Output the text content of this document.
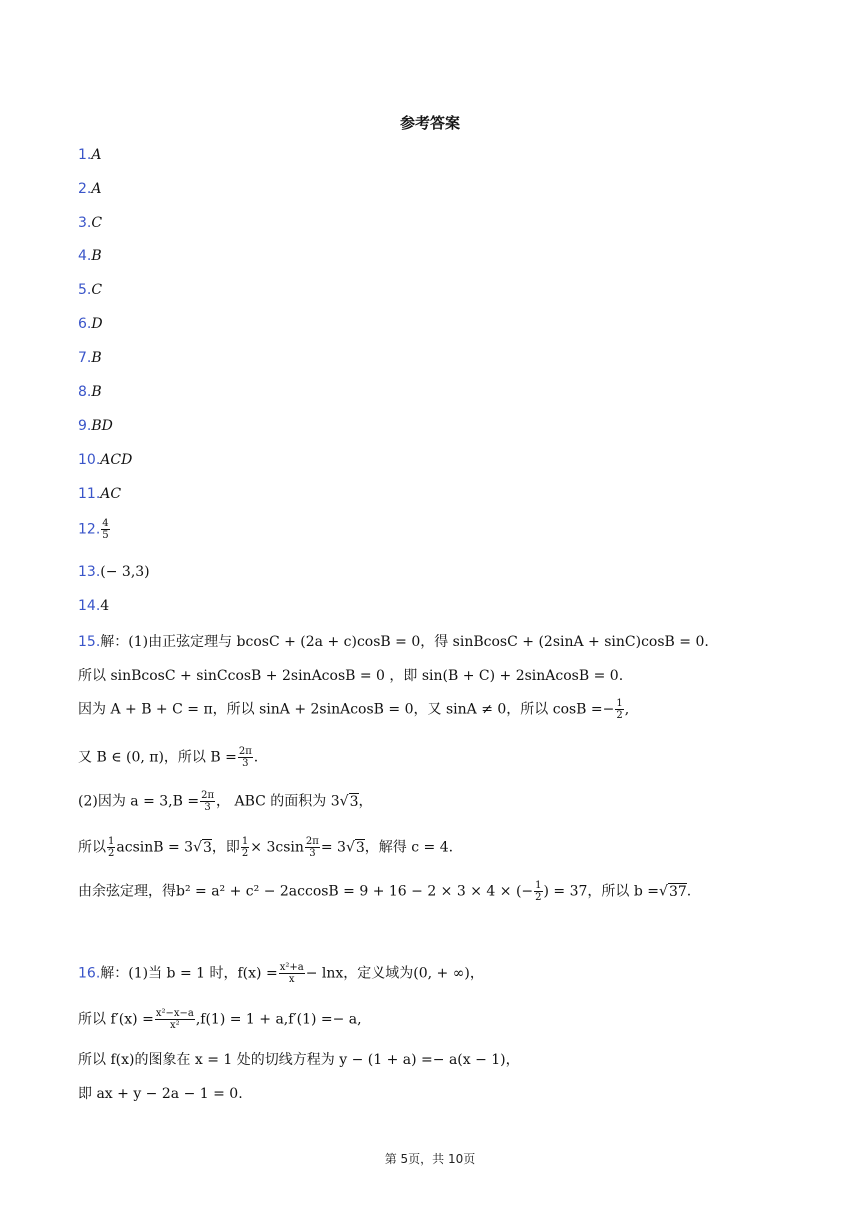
参考答案
1.A
2.A
3.C
4.B
5.C
6.D
7.B
8.B
9.BD
10.ACD
11.AC
12. $\frac{4}{5}$
13.(− 3,3)
14.4
15.解：(1)由正弦定理与 bcosC + (2a + c)cosB = 0，得 sinBcosC + (2sinA + sinC)cosB = 0.
所以 sinBcosC + sinCcosB + 2sinAcosB = 0 ，即 sin(B + C) + 2sinAcosB = 0.
因为 A + B + C = π，所以 sinA + 2sinAcosB = 0，又 sinA ≠ 0，所以 $\cos B =- \frac{1}{2}$ ,
又 B ∈ (0, π)，所以 $B = \frac{2\pi}{3}$ .
(2)因为 $a = 3,B = \frac{2\pi}{3}$ ， ABC 的面积为 3√3，
所以 $\frac{1}{2}$ acsinB = 3√3，即 $\frac{1}{2} \times 3csin \frac{2\pi}{3} = 3√3$，解得 c = 4.
由余弦定理，得b² = a² + c² − 2accosB = 9 + 16 − 2 × 3 × 4 × (− $\frac{1}{2}$ ) = 37，所以 b =√37.
16.解：(1)当 b = 1 时，$f(x) = \frac{\text{x²+a}}{x} - \ln x$，定义域为(0, + ∞)，
所以 $f'(x) = \frac{\text{x²−x−a}}{\text{x²}} ,f(1) = 1 + a,f'(1) =- a$,
所以 f(x)的图象在 x = 1 处的切线方程为 y − (1 + a) =− a(x − 1)，
即 ax + y − 2a − 1 = 0.
第 5页，共 10页
